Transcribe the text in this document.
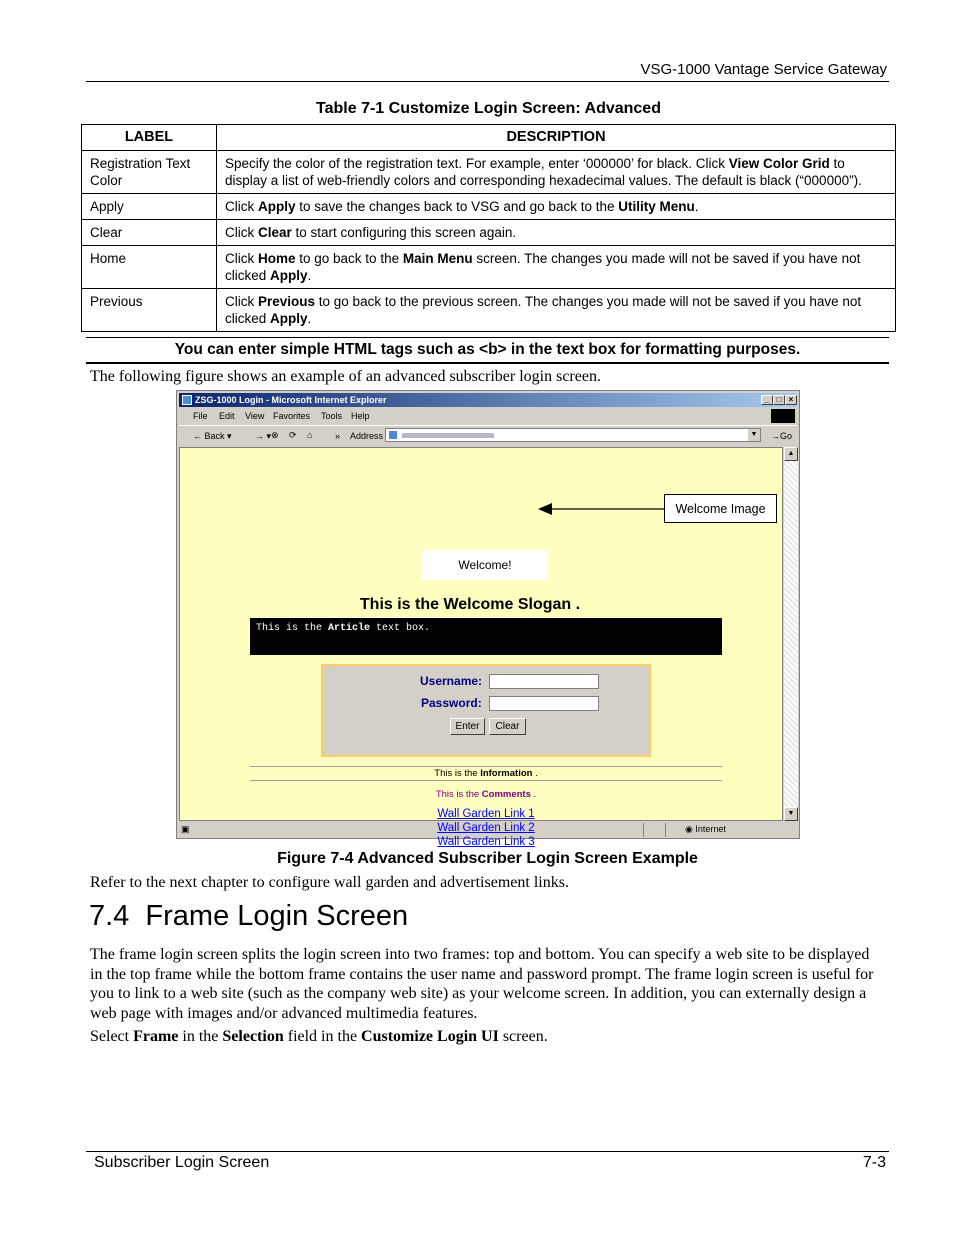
VSG-1000 Vantage Service Gateway
Table 7-1 Customize Login Screen: Advanced
LABEL	DESCRIPTION
Registration Text Color	Specify the color of the registration text. For example, enter ‘000000’ for black. Click View Color Grid to display a list of web-friendly colors and corresponding hexadecimal values. The default is black (“000000”).
Apply	Click Apply to save the changes back to VSG and go back to the Utility Menu.
Clear	Click Clear to start configuring this screen again.
Home	Click Home to go back to the Main Menu screen. The changes you made will not be saved if you have not clicked Apply.
Previous	Click Previous to go back to the previous screen. The changes you made will not be saved if you have not clicked Apply.
You can enter simple HTML tags such as <b> in the text box for formatting purposes.
The following figure shows an example of an advanced subscriber login screen.
ZSG-1000 Login - Microsoft Internet Explorer	_ □ ×
File Edit View Favorites Tools Help
← Back ▾	→ ▾ ⊗ ⟳ ⌂	» Address	→Go
▼
Welcome!
This is the Welcome Slogan .
This is the Article text box.
Username:
Password:
Enter	Clear
This is the Information .
This is the Comments .
Wall Garden Link 1
Wall Garden Link 2
Wall Garden Link 3
▲
▼
▣	◉ Internet
Welcome Image
Figure 7-4 Advanced Subscriber Login Screen Example
Refer to the next chapter to configure wall garden and advertisement links.
7.4  Frame Login Screen
The frame login screen splits the login screen into two frames: top and bottom. You can specify a web site to be displayed in the top frame while the bottom frame contains the user name and password prompt. The frame login screen is useful for you to link to a web site (such as the company web site) as your welcome screen. In addition, you can externally design a web page with images and/or advanced multimedia features.
Select Frame in the Selection field in the Customize Login UI screen.
Subscriber Login Screen	7-3
